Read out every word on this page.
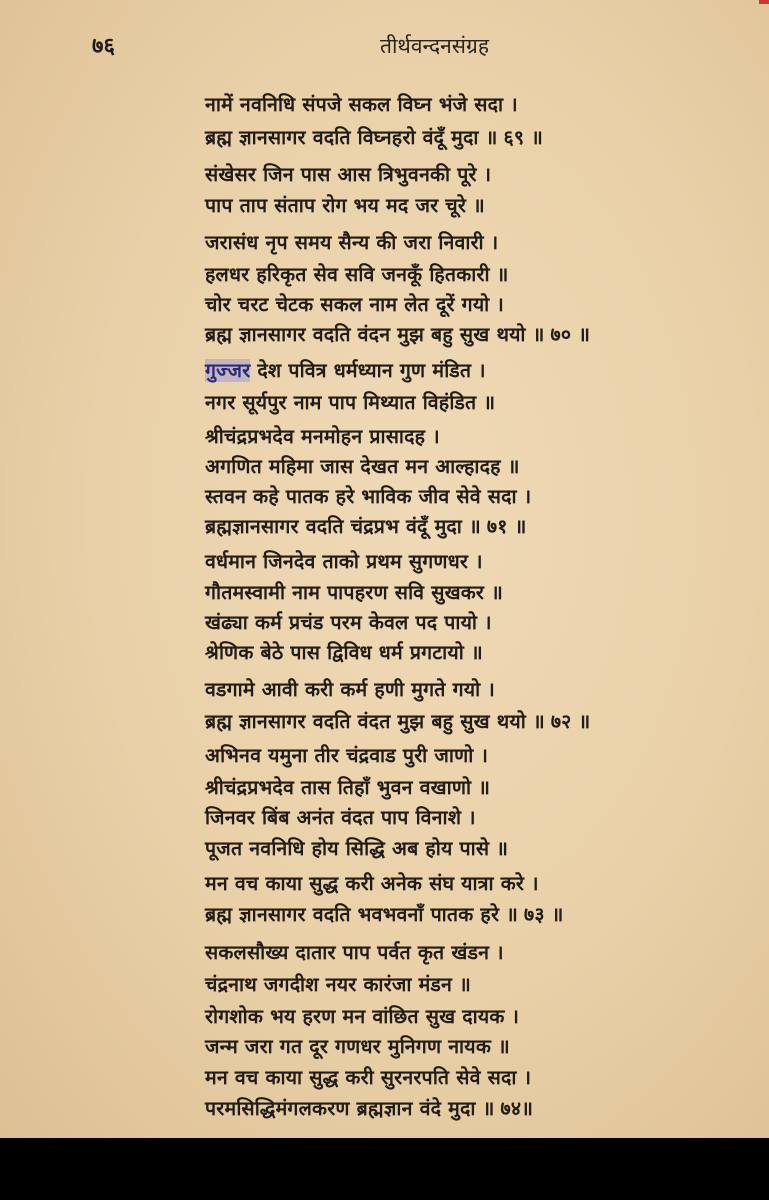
७६	तीर्थवन्दनसंग्रह
नामें नवनिधि संपजे सकल विघ्न भंजे सदा ।
ब्रह्म ज्ञानसागर वदति विघ्नहरो वंदूँ मुदा ॥ ६९ ॥
संखेसर जिन पास आस त्रिभुवनकी पूरे ।
पाप ताप संताप रोग भय मद जर चूरे ॥
जरासंध नृप समय सैन्य की जरा निवारी ।
हलधर हरिकृत सेव सवि जनकूँ हितकारी ॥
चोर चरट चेटक सकल नाम लेत दूरें गयो ।
ब्रह्म ज्ञानसागर वदति वंदन मुझ बहु सुख थयो ॥ ७० ॥
गुज्जर देश पवित्र धर्मध्यान गुण मंडित ।
नगर सूर्यपुर नाम पाप मिथ्यात विहंडित ॥
श्रीचंद्रप्रभदेव मनमोहन प्रासादह ।
अगणित महिमा जास देखत मन आल्हादह ॥
स्तवन कहे पातक हरे भाविक जीव सेवे सदा ।
ब्रह्मज्ञानसागर वदति चंद्रप्रभ वंदूँ मुदा ॥ ७१ ॥
वर्धमान जिनदेव ताको प्रथम सुगणधर ।
गौतमस्वामी नाम पापहरण सवि सुखकर ॥
खंढ्या कर्म प्रचंड परम केवल पद पायो ।
श्रेणिक बेठे पास द्विविध धर्म प्रगटायो ॥
वडगामे आवी करी कर्म हणी मुगते गयो ।
ब्रह्म ज्ञानसागर वदति वंदत मुझ बहु सुख थयो ॥ ७२ ॥
अभिनव यमुना तीर चंद्रवाड पुरी जाणो ।
श्रीचंद्रप्रभदेव तास तिहाँ भुवन वखाणो ॥
जिनवर बिंब अनंत वंदत पाप विनाशे ।
पूजत नवनिधि होय सिद्धि अब होय पासे ॥
मन वच काया सुद्ध करी अनेक संघ यात्रा करे ।
ब्रह्म ज्ञानसागर वदति भवभवनाँ पातक हरे ॥ ७३ ॥
सकलसौख्य दातार पाप पर्वत कृत खंडन ।
चंद्रनाथ जगदीश नयर कारंजा मंडन ॥
रोगशोक भय हरण मन वांछित सुख दायक ।
जन्म जरा गत दूर गणधर मुनिगण नायक ॥
मन वच काया सुद्ध करी सुरनरपति सेवे सदा ।
परमसिद्धिमंगलकरण ब्रह्मज्ञान वंदे मुदा ॥ ७४॥
